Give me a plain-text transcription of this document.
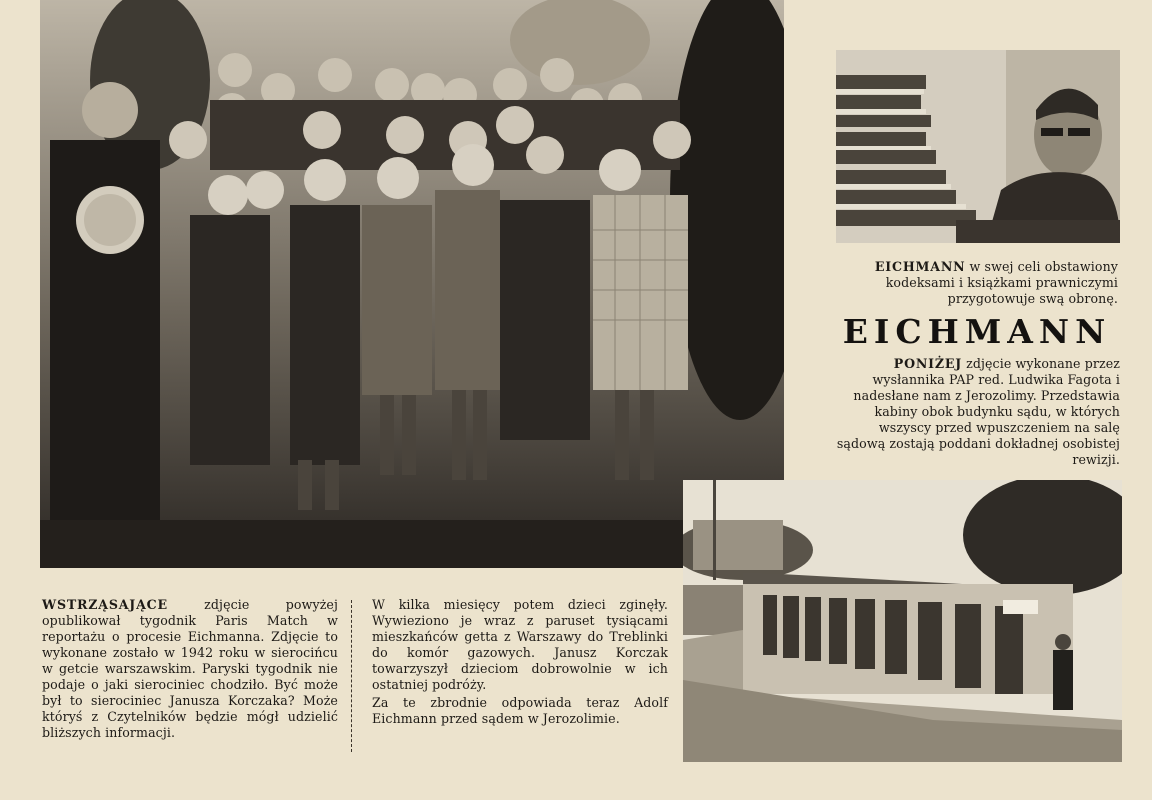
EICHMANN w swej celi obstawiony kodeksami i książkami prawniczymi przygotowuje swą obronę.
EICHMANN
PONIŻEJ zdjęcie wykonane przez wysłannika PAP red. Ludwika Fagota i nadesłane nam z Jerozolimy. Przedstawia kabiny obok budynku sądu, w których wszyscy przed wpuszczeniem na salę sądową zostają poddani dokładnej osobistej rewizji.
WSTRZĄSAJĄCE zdjęcie powyżej opublikował tygodnik Paris Match w reportażu o procesie Eichmanna. Zdjęcie to wykonane zostało w 1942 roku w sierocińcu w getcie warszawskim. Paryski tygodnik nie podaje o jaki sierociniec chodziło. Być może był to sierociniec Janusza Korczaka? Może któryś z Czytelników będzie mógł udzielić bliższych informacji.

W kilka miesięcy potem dzieci zginęły. Wywieziono je wraz z paruset tysiącami mieszkańców getta z Warszawy do Treblinki do komór gazowych. Janusz Korczak towarzyszył dzieciom dobrowolnie w ich ostatniej podróży.

Za te zbrodnie odpowiada teraz Adolf Eichmann przed sądem w Jerozolimie.
